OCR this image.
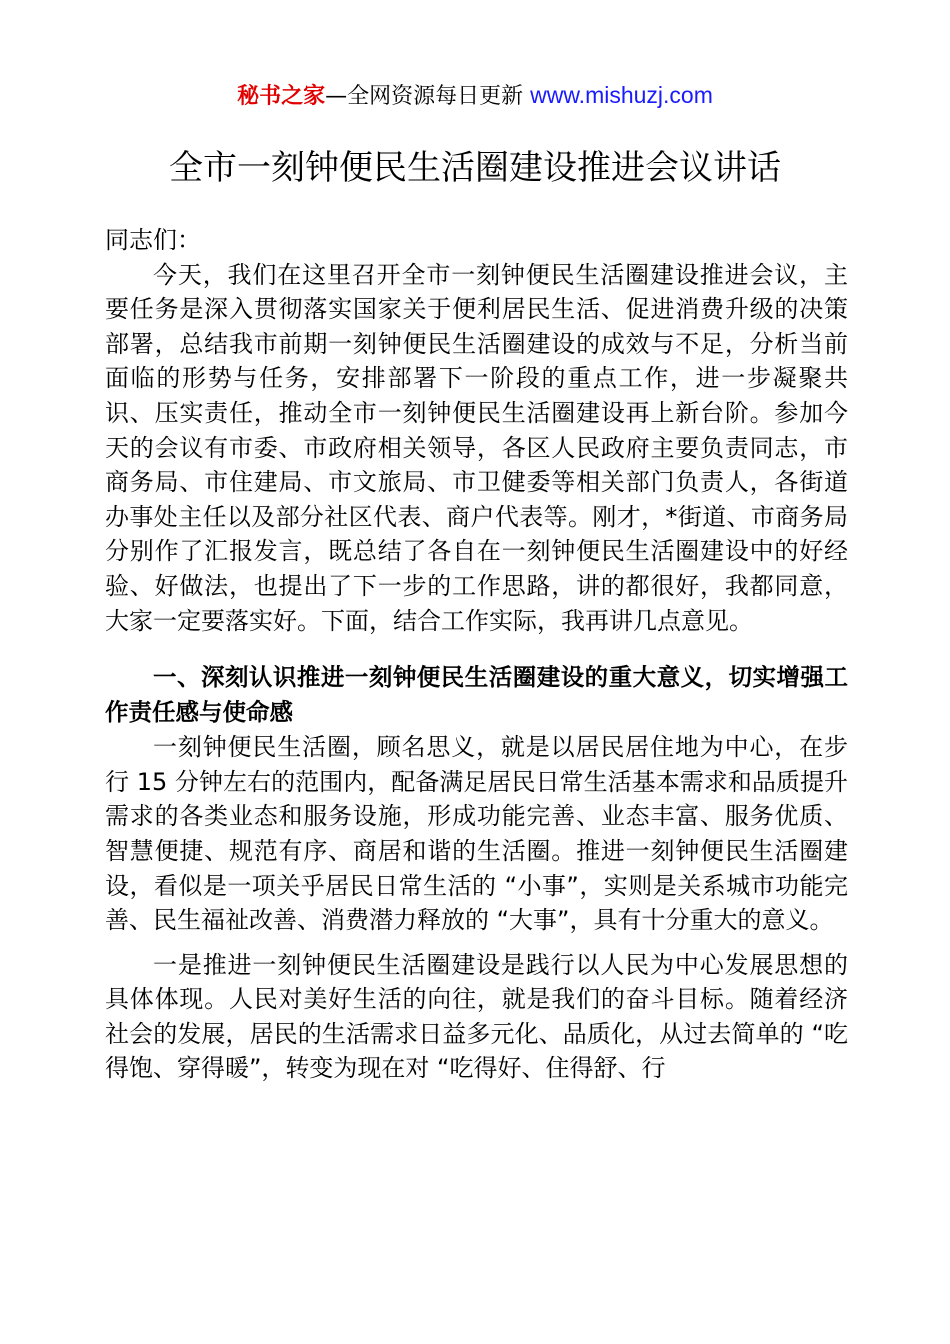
秘书之家—全网资源每日更新 www.mishuzj.com
全市一刻钟便民生活圈建设推进会议讲话

同志们：

今天，我们在这里召开全市一刻钟便民生活圈建设推进会议，主要任务是深入贯彻落实国家关于便利居民生活、促进消费升级的决策部署，总结我市前期一刻钟便民生活圈建设的成效与不足，分析当前面临的形势与任务，安排部署下一阶段的重点工作，进一步凝聚共识、压实责任，推动全市一刻钟便民生活圈建设再上新台阶。参加今天的会议有市委、市政府相关领导，各区人民政府主要负责同志，市商务局、市住建局、市文旅局、市卫健委等相关部门负责人，各街道办事处主任以及部分社区代表、商户代表等。刚才，*街道、市商务局分别作了汇报发言，既总结了各自在一刻钟便民生活圈建设中的好经验、好做法，也提出了下一步的工作思路，讲的都很好，我都同意，大家一定要落实好。下面，结合工作实际，我再讲几点意见。

一、深刻认识推进一刻钟便民生活圈建设的重大意义，切实增强工作责任感与使命感

一刻钟便民生活圈，顾名思义，就是以居民居住地为中心，在步行 15 分钟左右的范围内，配备满足居民日常生活基本需求和品质提升需求的各类业态和服务设施，形成功能完善、业态丰富、服务优质、智慧便捷、规范有序、商居和谐的生活圈。推进一刻钟便民生活圈建设，看似是一项关乎居民日常生活的 “小事”，实则是关系城市功能完善、民生福祉改善、消费潜力释放的 “大事”，具有十分重大的意义。

一是推进一刻钟便民生活圈建设是践行以人民为中心发展思想的具体体现。人民对美好生活的向往，就是我们的奋斗目标。随着经济社会的发展，居民的生活需求日益多元化、品质化，从过去简单的 “吃得饱、穿得暖”，转变为现在对 “吃得好、住得舒、行
